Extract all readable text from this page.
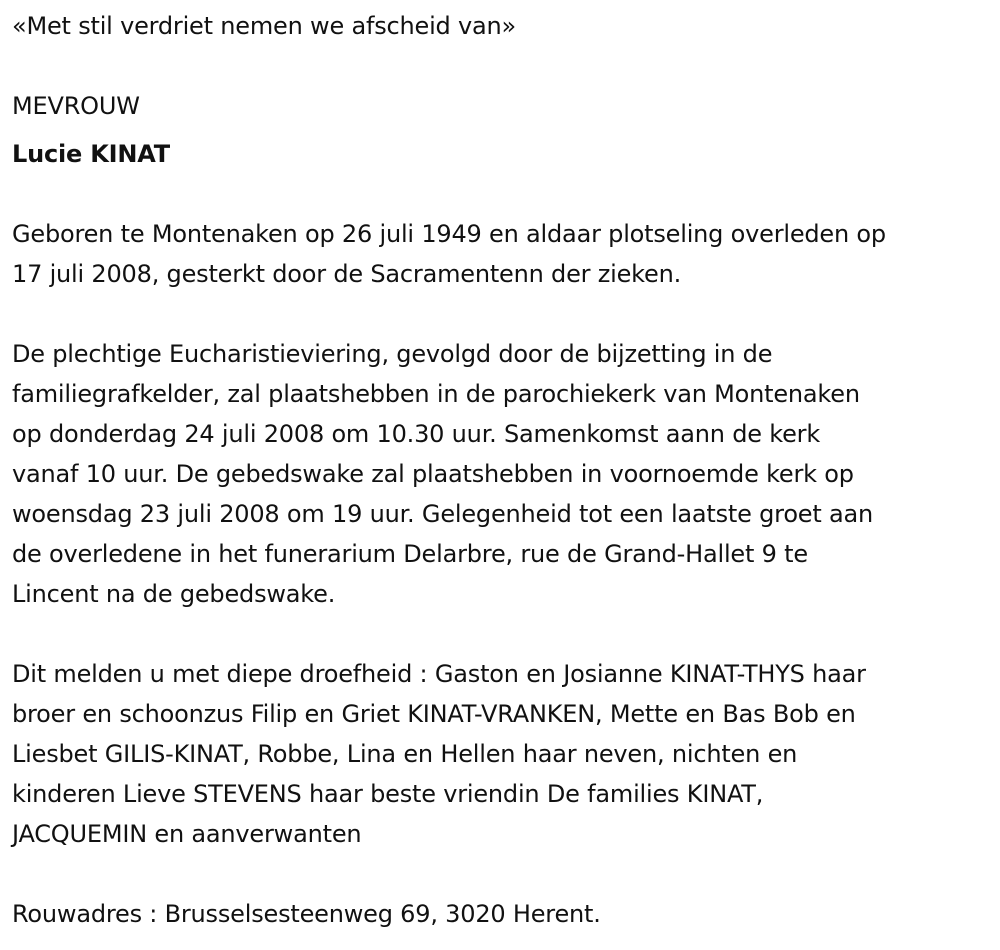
«Met stil verdriet nemen we afscheid van»
MEVROUW
Lucie KINAT

Geboren te Montenaken op 26 juli 1949 en aldaar plotseling overleden op
17 juli 2008, gesterkt door de Sacramentenn der zieken.

De plechtige Eucharistieviering, gevolgd door de bijzetting in de
familiegrafkelder, zal plaatshebben in de parochiekerk van Montenaken
op donderdag 24 juli 2008 om 10.30 uur. Samenkomst aann de kerk
vanaf 10 uur. De gebedswake zal plaatshebben in voornoemde kerk op
woensdag 23 juli 2008 om 19 uur. Gelegenheid tot een laatste groet aan
de overledene in het funerarium Delarbre, rue de Grand-Hallet 9 te
Lincent na de gebedswake.

Dit melden u met diepe droefheid : Gaston en Josianne KINAT-THYS haar
broer en schoonzus Filip en Griet KINAT-VRANKEN, Mette en Bas Bob en
Liesbet GILIS-KINAT, Robbe, Lina en Hellen haar neven, nichten en
kinderen Lieve STEVENS haar beste vriendin De families KINAT,
JACQUEMIN en aanverwanten

Rouwadres : Brusselsesteenweg 69, 3020 Herent.
